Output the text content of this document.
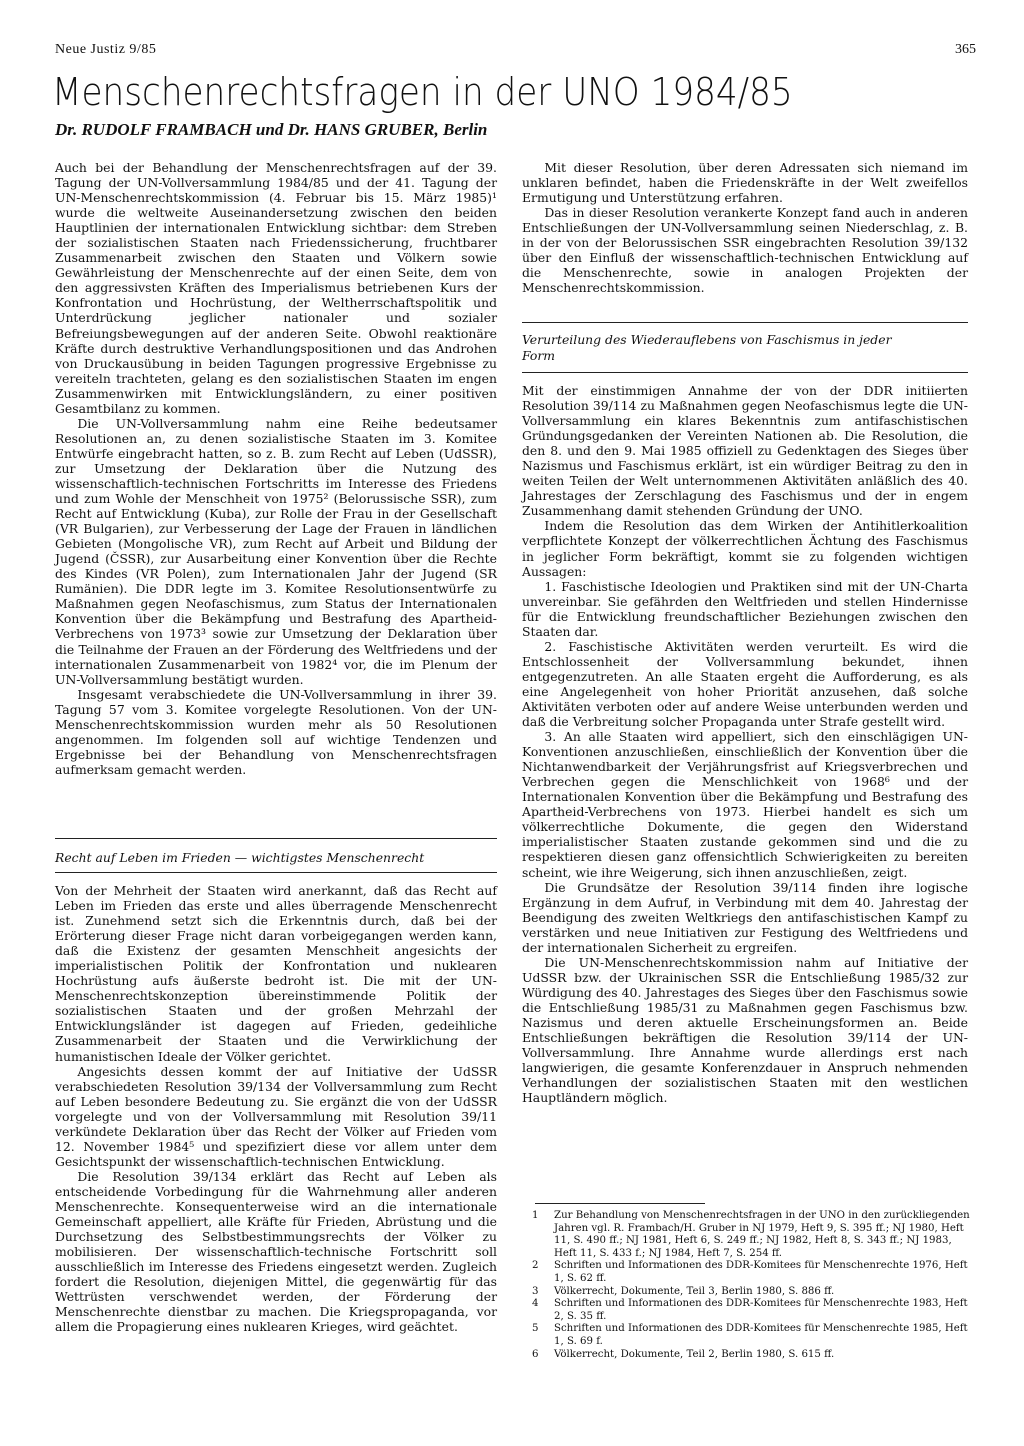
Neue Justiz 9/85	365
Menschenrechtsfragen in der UNO 1984/85
Dr. RUDOLF FRAMBACH und Dr. HANS GRUBER, Berlin

Auch bei der Behandlung der Menschenrechtsfragen auf der 39. Tagung der UN-Vollversammlung 1984/85 und der 41. Tagung der UN-Menschenrechtskommission (4. Februar bis 15. März 1985)¹ wurde die weltweite Auseinandersetzung zwischen den beiden Hauptlinien der internationalen Entwicklung sichtbar: dem Streben der sozialistischen Staaten nach Friedenssicherung, fruchtbarer Zusammenarbeit zwischen den Staaten und Völkern sowie Gewährleistung der Menschenrechte auf der einen Seite, dem von den aggressivsten Kräften des Imperialismus betriebenen Kurs der Konfrontation und Hochrüstung, der Weltherrschaftspolitik und Unterdrückung jeglicher nationaler und sozialer Befreiungsbewegungen auf der anderen Seite. Obwohl reaktionäre Kräfte durch destruktive Verhandlungspositionen und das Androhen von Druckausübung in beiden Tagungen progressive Ergebnisse zu vereiteln trachteten, gelang es den sozialistischen Staaten im engen Zusammenwirken mit Entwicklungsländern, zu einer positiven Gesamtbilanz zu kommen.

Die UN-Vollversammlung nahm eine Reihe bedeutsamer Resolutionen an, zu denen sozialistische Staaten im 3. Komitee Entwürfe eingebracht hatten, so z. B. zum Recht auf Leben (UdSSR), zur Umsetzung der Deklaration über die Nutzung des wissenschaftlich-technischen Fortschritts im Interesse des Friedens und zum Wohle der Menschheit von 1975² (Belorussische SSR), zum Recht auf Entwicklung (Kuba), zur Rolle der Frau in der Gesellschaft (VR Bulgarien), zur Verbesserung der Lage der Frauen in ländlichen Gebieten (Mongolische VR), zum Recht auf Arbeit und Bildung der Jugend (ČSSR), zur Ausarbeitung einer Konvention über die Rechte des Kindes (VR Polen), zum Internationalen Jahr der Jugend (SR Rumänien). Die DDR legte im 3. Komitee Resolutionsentwürfe zu Maßnahmen gegen Neofaschismus, zum Status der Internationalen Konvention über die Bekämpfung und Bestrafung des Apartheid-Verbrechens von 1973³ sowie zur Umsetzung der Deklaration über die Teilnahme der Frauen an der Förderung des Weltfriedens und der internationalen Zusammenarbeit von 1982⁴ vor, die im Plenum der UN-Vollversammlung bestätigt wurden.

Insgesamt verabschiedete die UN-Vollversammlung in ihrer 39. Tagung 57 vom 3. Komitee vorgelegte Resolutionen. Von der UN-Menschenrechtskommission wurden mehr als 50 Resolutionen angenommen. Im folgenden soll auf wichtige Tendenzen und Ergebnisse bei der Behandlung von Menschenrechtsfragen aufmerksam gemacht werden.

Recht auf Leben im Frieden — wichtigstes Menschenrecht

Von der Mehrheit der Staaten wird anerkannt, daß das Recht auf Leben im Frieden das erste und alles überragende Menschenrecht ist. Zunehmend setzt sich die Erkenntnis durch, daß bei der Erörterung dieser Frage nicht daran vorbeigegangen werden kann, daß die Existenz der gesamten Menschheit angesichts der imperialistischen Politik der Konfrontation und nuklearen Hochrüstung aufs äußerste bedroht ist. Die mit der UN-Menschenrechtskonzeption übereinstimmende Politik der sozialistischen Staaten und der großen Mehrzahl der Entwicklungsländer ist dagegen auf Frieden, gedeihliche Zusammenarbeit der Staaten und die Verwirklichung der humanistischen Ideale der Völker gerichtet.

Angesichts dessen kommt der auf Initiative der UdSSR verabschiedeten Resolution 39/134 der Vollversammlung zum Recht auf Leben besondere Bedeutung zu. Sie ergänzt die von der UdSSR vorgelegte und von der Vollversammlung mit Resolution 39/11 verkündete Deklaration über das Recht der Völker auf Frieden vom 12. November 1984⁵ und spezifiziert diese vor allem unter dem Gesichtspunkt der wissenschaftlich-technischen Entwicklung.

Die Resolution 39/134 erklärt das Recht auf Leben als entscheidende Vorbedingung für die Wahrnehmung aller anderen Menschenrechte. Konsequenterweise wird an die internationale Gemeinschaft appelliert, alle Kräfte für Frieden, Abrüstung und die Durchsetzung des Selbstbestimmungsrechts der Völker zu mobilisieren. Der wissenschaftlich-technische Fortschritt soll ausschließlich im Interesse des Friedens eingesetzt werden. Zugleich fordert die Resolution, diejenigen Mittel, die gegenwärtig für das Wettrüsten verschwendet werden, der Förderung der Menschenrechte dienstbar zu machen. Die Kriegspropaganda, vor allem die Propagierung eines nuklearen Krieges, wird geächtet.

Mit dieser Resolution, über deren Adressaten sich niemand im unklaren befindet, haben die Friedenskräfte in der Welt zweifellos Ermutigung und Unterstützung erfahren.

Das in dieser Resolution verankerte Konzept fand auch in anderen Entschließungen der UN-Vollversammlung seinen Niederschlag, z. B. in der von der Belorussischen SSR eingebrachten Resolution 39/132 über den Einfluß der wissenschaftlich-technischen Entwicklung auf die Menschenrechte, sowie in analogen Projekten der Menschenrechtskommission.

Verurteilung des Wiederauflebens von Faschismus in jeder Form

Mit der einstimmigen Annahme der von der DDR initiierten Resolution 39/114 zu Maßnahmen gegen Neofaschismus legte die UN-Vollversammlung ein klares Bekenntnis zum antifaschistischen Gründungsgedanken der Vereinten Nationen ab. Die Resolution, die den 8. und den 9. Mai 1985 offiziell zu Gedenktagen des Sieges über Nazismus und Faschismus erklärt, ist ein würdiger Beitrag zu den in weiten Teilen der Welt unternommenen Aktivitäten anläßlich des 40. Jahrestages der Zerschlagung des Faschismus und der in engem Zusammenhang damit stehenden Gründung der UNO.

Indem die Resolution das dem Wirken der Antihitlerkoalition verpflichtete Konzept der völkerrechtlichen Ächtung des Faschismus in jeglicher Form bekräftigt, kommt sie zu folgenden wichtigen Aussagen:

1. Faschistische Ideologien und Praktiken sind mit der UN-Charta unvereinbar. Sie gefährden den Weltfrieden und stellen Hindernisse für die Entwicklung freundschaftlicher Beziehungen zwischen den Staaten dar.

2. Faschistische Aktivitäten werden verurteilt. Es wird die Entschlossenheit der Vollversammlung bekundet, ihnen entgegenzutreten. An alle Staaten ergeht die Aufforderung, es als eine Angelegenheit von hoher Priorität anzusehen, daß solche Aktivitäten verboten oder auf andere Weise unterbunden werden und daß die Verbreitung solcher Propaganda unter Strafe gestellt wird.

3. An alle Staaten wird appelliert, sich den einschlägigen UN-Konventionen anzuschließen, einschließlich der Konvention über die Nichtanwendbarkeit der Verjährungsfrist auf Kriegsverbrechen und Verbrechen gegen die Menschlichkeit von 1968⁶ und der Internationalen Konvention über die Bekämpfung und Bestrafung des Apartheid-Verbrechens von 1973. Hierbei handelt es sich um völkerrechtliche Dokumente, die gegen den Widerstand imperialistischer Staaten zustande gekommen sind und die zu respektieren diesen ganz offensichtlich Schwierigkeiten zu bereiten scheint, wie ihre Weigerung, sich ihnen anzuschließen, zeigt.

Die Grundsätze der Resolution 39/114 finden ihre logische Ergänzung in dem Aufruf, in Verbindung mit dem 40. Jahrestag der Beendigung des zweiten Weltkriegs den antifaschistischen Kampf zu verstärken und neue Initiativen zur Festigung des Weltfriedens und der internationalen Sicherheit zu ergreifen.

Die UN-Menschenrechtskommission nahm auf Initiative der UdSSR bzw. der Ukrainischen SSR die Entschließung 1985/32 zur Würdigung des 40. Jahrestages des Sieges über den Faschismus sowie die Entschließung 1985/31 zu Maßnahmen gegen Faschismus bzw. Nazismus und deren aktuelle Erscheinungsformen an. Beide Entschließungen bekräftigen die Resolution 39/114 der UN-Vollversammlung. Ihre Annahme wurde allerdings erst nach langwierigen, die gesamte Konferenzdauer in Anspruch nehmenden Verhandlungen der sozialistischen Staaten mit den westlichen Hauptländern möglich.

1	Zur Behandlung von Menschenrechtsfragen in der UNO in den zurückliegenden Jahren vgl. R. Frambach/H. Gruber in NJ 1979, Heft 9, S. 395 ff.; NJ 1980, Heft 11, S. 490 ff.; NJ 1981, Heft 6, S. 249 ff.; NJ 1982, Heft 8, S. 343 ff.; NJ 1983, Heft 11, S. 433 f.; NJ 1984, Heft 7, S. 254 ff.
2	Schriften und Informationen des DDR-Komitees für Menschenrechte 1976, Heft 1, S. 62 ff.
3	Völkerrecht, Dokumente, Teil 3, Berlin 1980, S. 886 ff.
4	Schriften und Informationen des DDR-Komitees für Menschenrechte 1983, Heft 2, S. 35 ff.
5	Schriften und Informationen des DDR-Komitees für Menschenrechte 1985, Heft 1, S. 69 f.
6	Völkerrecht, Dokumente, Teil 2, Berlin 1980, S. 615 ff.
